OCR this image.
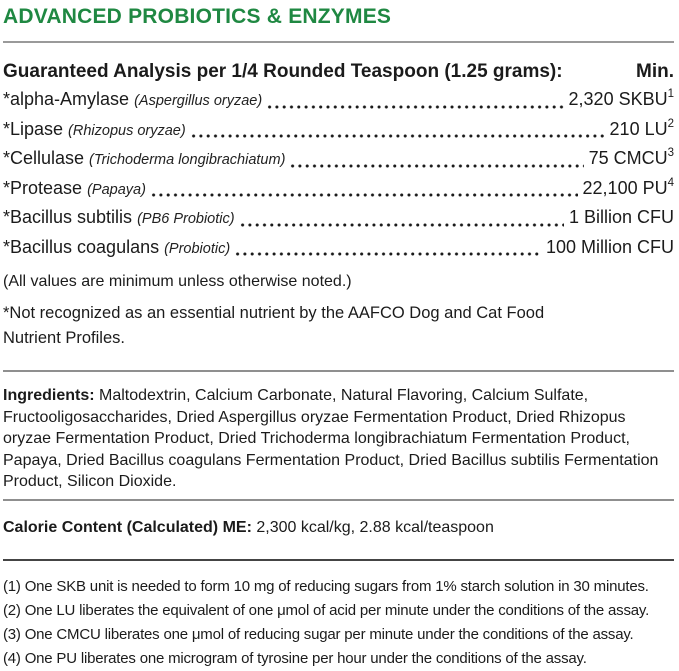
ADVANCED PROBIOTICS & ENZYMES
Guaranteed Analysis per 1/4 Rounded Teaspoon (1.25 grams):	Min.
*alpha-Amylase (Aspergillus oryzae)	2,320 SKBU$^1$
*Lipase (Rhizopus oryzae)	210 $LU^2$
*Cellulase (Trichoderma longibrachiatum)	75 CMCU$^3$
*Protease (Papaya)	22,100 $PU^4$
*Bacillus subtilis (PB6 Probiotic)	1 Billion CFU
*Bacillus coagulans (Probiotic)	100 Million CFU
(All values are minimum unless otherwise noted.)
*Not recognized as an essential nutrient by the AAFCO Dog and Cat Food Nutrient Profiles.
Ingredients: Maltodextrin, Calcium Carbonate, Natural Flavoring, Calcium Sulfate, Fructooligosaccharides, Dried Aspergillus oryzae Fermentation Product, Dried Rhizopus oryzae Fermentation Product, Dried Trichoderma longibrachiatum Fermentation Product, Papaya, Dried Bacillus coagulans Fermentation Product, Dried Bacillus subtilis Fermentation Product, Silicon Dioxide.
Calorie Content (Calculated) ME: 2,300 kcal/kg, 2.88 kcal/teaspoon
(1) One SKB unit is needed to form 10 mg of reducing sugars from 1% starch solution in 30 minutes.
(2) One LU liberates the equivalent of one μmol of acid per minute under the conditions of the assay.
(3) One CMCU liberates one μmol of reducing sugar per minute under the conditions of the assay.
(4) One PU liberates one microgram of tyrosine per hour under the conditions of the assay.
